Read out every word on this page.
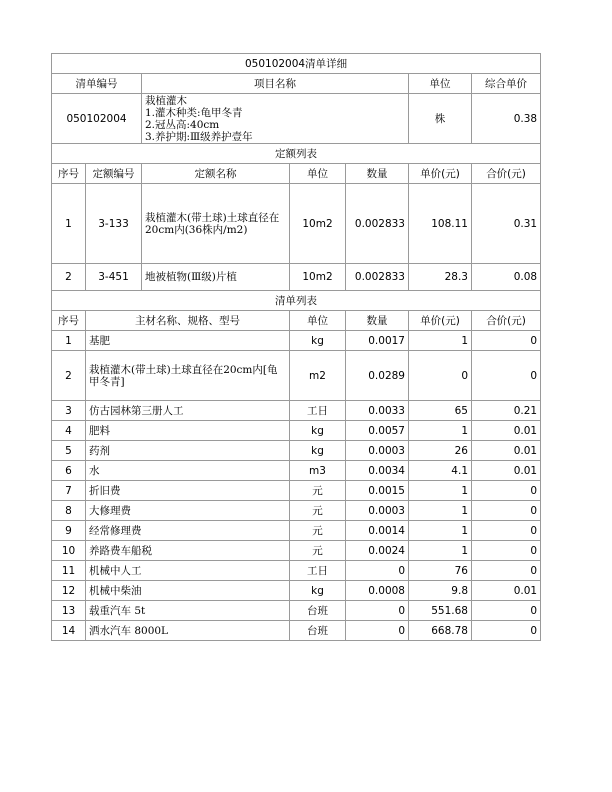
050102004清单详细						
清单编号		项目名称			单位	综合单价
050102004		栽植灌木
1.灌木种类:龟甲冬青
2.冠丛高:40cm
3.养护期:Ⅲ级养护壹年			株	0.38
定额列表						
序号	定额编号	定额名称	单位	数量	单价(元)	合价(元)
1	3-133	栽植灌木(带土球)土球直径在20cm内(36株内/m2)	10m2	0.002833	108.11	0.31
2	3-451	地被植物(Ⅲ级)片植	10m2	0.002833	28.3	0.08
清单列表						
序号	主材名称、规格、型号		单位	数量	单价(元)	合价(元)
1	基肥		kg	0.0017	1	0
2	栽植灌木(带土球)土球直径在20cm内[龟甲冬青]		m2	0.0289	0	0
3	仿古园林第三册人工		工日	0.0033	65	0.21
4	肥料		kg	0.0057	1	0.01
5	药剂		kg	0.0003	26	0.01
6	水		m3	0.0034	4.1	0.01
7	折旧费		元	0.0015	1	0
8	大修理费		元	0.0003	1	0
9	经常修理费		元	0.0014	1	0
10	养路费车船税		元	0.0024	1	0
11	机械中人工		工日	0	76	0
12	机械中柴油		kg	0.0008	9.8	0.01
13	载重汽车 5t		台班	0	551.68	0
14	洒水汽车 8000L		台班	0	668.78	0
